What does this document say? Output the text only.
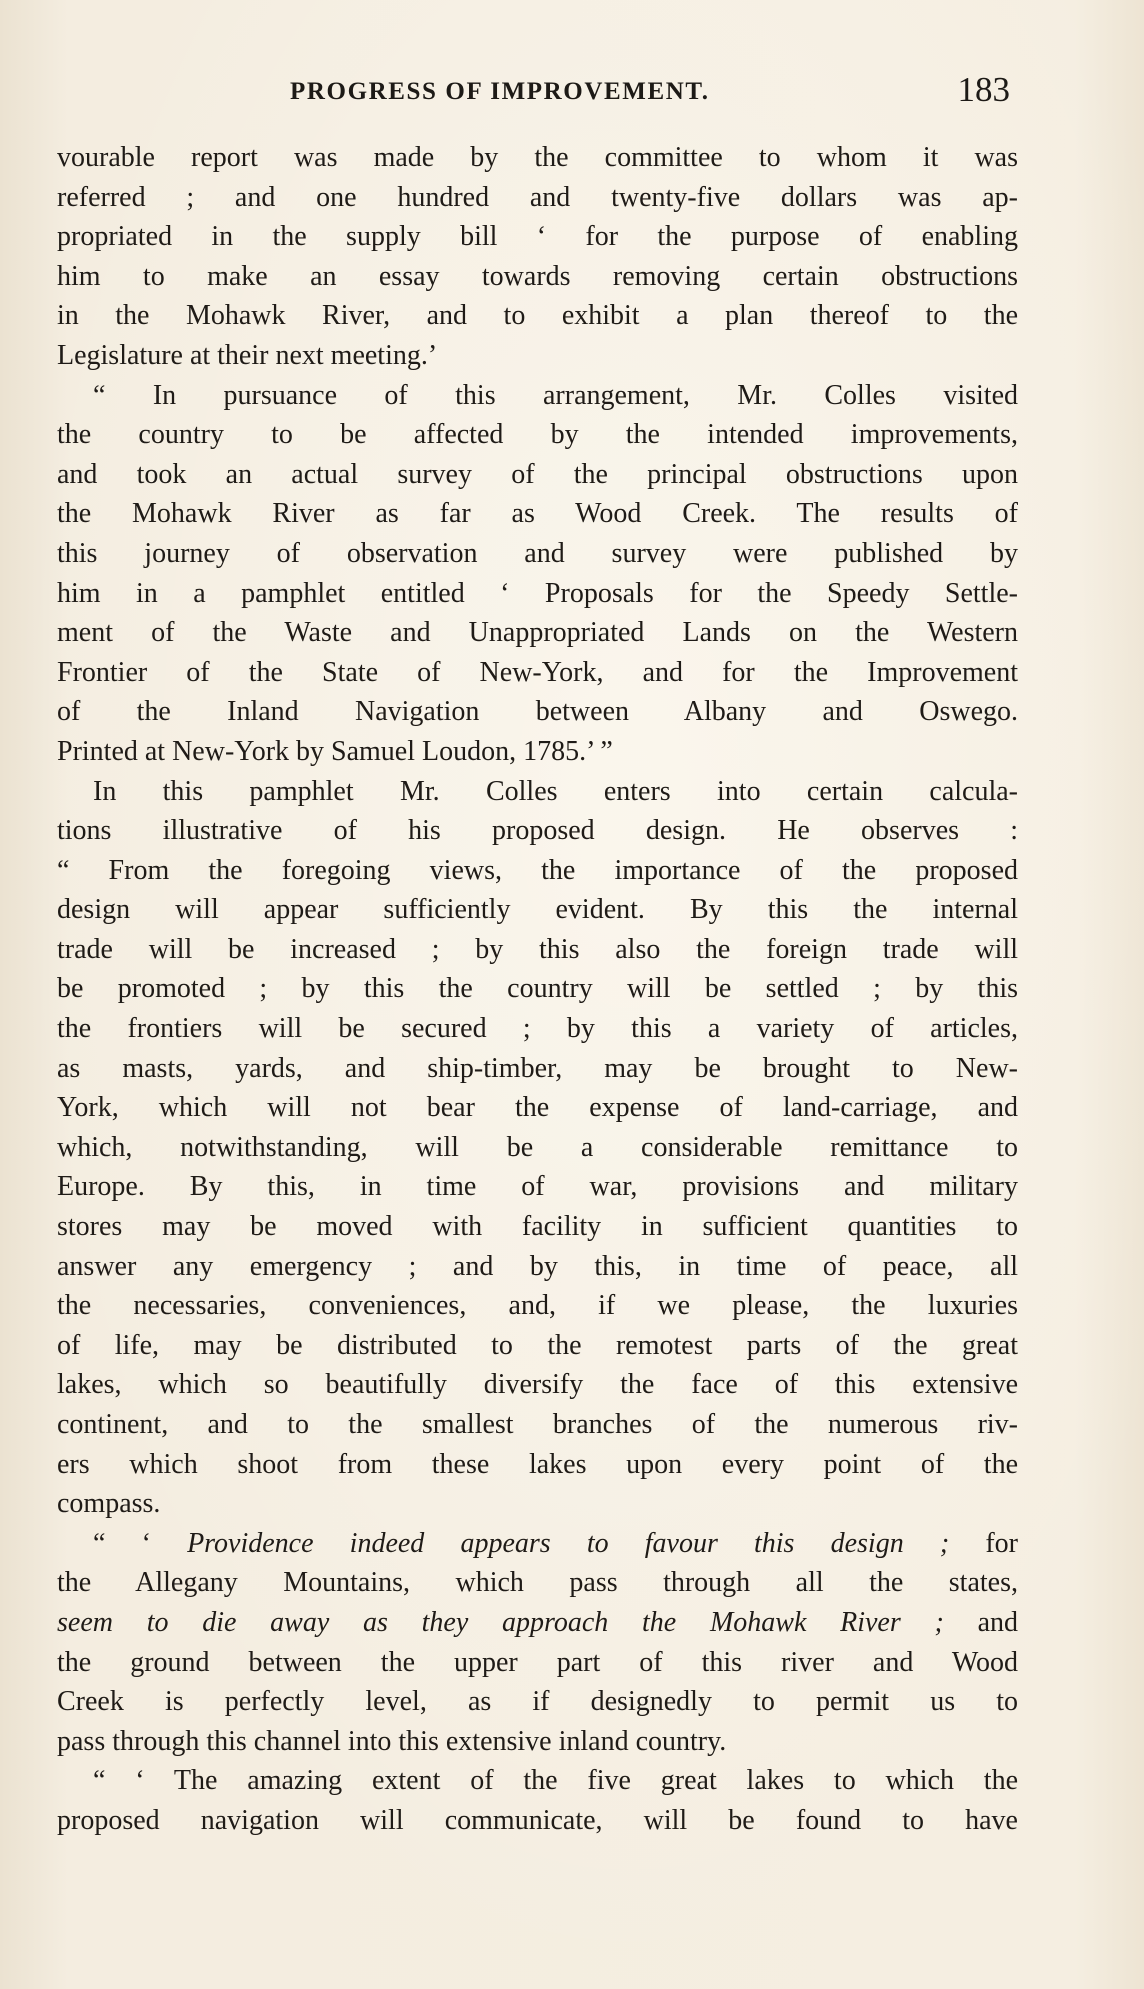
PROGRESS OF IMPROVEMENT.	183
vourable report was made by the committee to whom it was
referred ; and one hundred and twenty-five dollars was ap-
propriated in the supply bill ‘ for the purpose of enabling
him to make an essay towards removing certain obstructions
in the Mohawk River, and to exhibit a plan thereof to the
Legislature at their next meeting.’
“ In pursuance of this arrangement, Mr. Colles visited
the country to be affected by the intended improvements,
and took an actual survey of the principal obstructions upon
the Mohawk River as far as Wood Creek. The results of
this journey of observation and survey were published by
him in a pamphlet entitled ‘ Proposals for the Speedy Settle-
ment of the Waste and Unappropriated Lands on the Western
Frontier of the State of New-York, and for the Improvement
of the Inland Navigation between Albany and Oswego.
Printed at New-York by Samuel Loudon, 1785.’ ”
In this pamphlet Mr. Colles enters into certain calcula-
tions illustrative of his proposed design. He observes :
“ From the foregoing views, the importance of the proposed
design will appear sufficiently evident. By this the internal
trade will be increased ; by this also the foreign trade will
be promoted ; by this the country will be settled ; by this
the frontiers will be secured ; by this a variety of articles,
as masts, yards, and ship-timber, may be brought to New-
York, which will not bear the expense of land-carriage, and
which, notwithstanding, will be a considerable remittance to
Europe. By this, in time of war, provisions and military
stores may be moved with facility in sufficient quantities to
answer any emergency ; and by this, in time of peace, all
the necessaries, conveniences, and, if we please, the luxuries
of life, may be distributed to the remotest parts of the great
lakes, which so beautifully diversify the face of this extensive
continent, and to the smallest branches of the numerous riv-
ers which shoot from these lakes upon every point of the
compass.
“ ‘ Providence indeed appears to favour this design ; for
the Allegany Mountains, which pass through all the states,
seem to die away as they approach the Mohawk River ; and
the ground between the upper part of this river and Wood
Creek is perfectly level, as if designedly to permit us to
pass through this channel into this extensive inland country.
“ ‘ The amazing extent of the five great lakes to which the
proposed navigation will communicate, will be found to have
